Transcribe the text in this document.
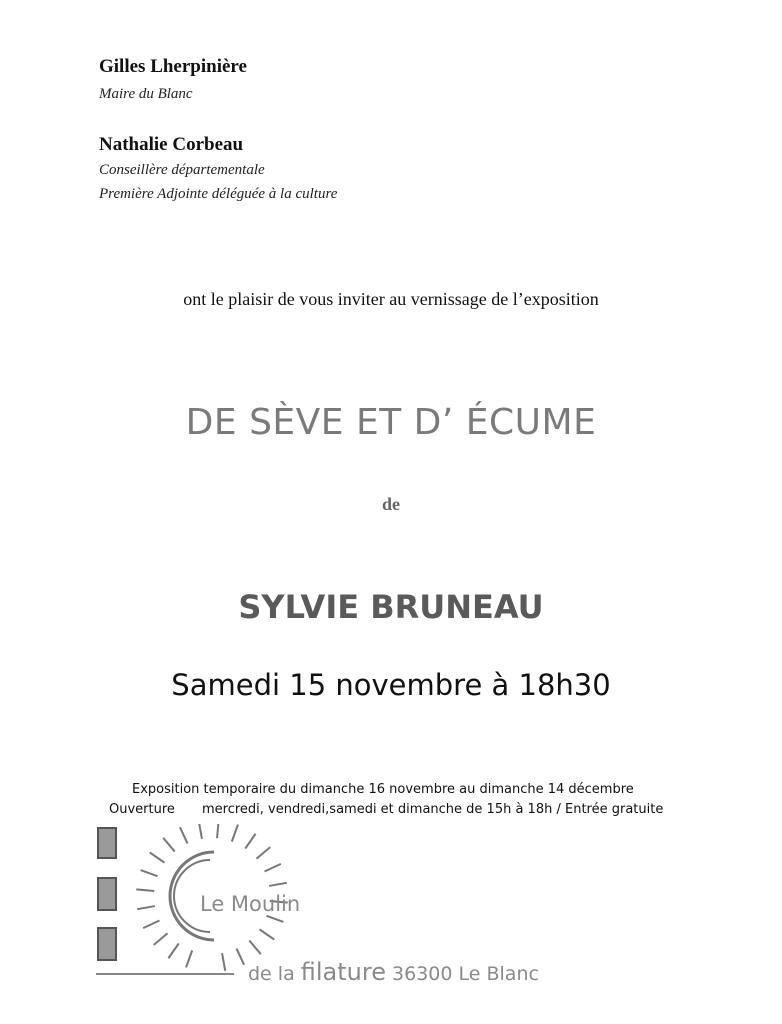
Gilles Lherpinière
Maire du Blanc
Nathalie Corbeau
Conseillère départementale
Première Adjointe déléguée à la culture
ont le plaisir de vous inviter au vernissage de l’exposition
DE SÈVE ET D’ ÉCUME
de
SYLVIE BRUNEAU
Samedi 15 novembre à 18h30
Exposition temporaire du dimanche 16 novembre au dimanche 14 décembre
Ouverture mercredi, vendredi,samedi et dimanche de 15h à 18h / Entrée gratuite
Le Moulin
de la filature 36300 Le Blanc
